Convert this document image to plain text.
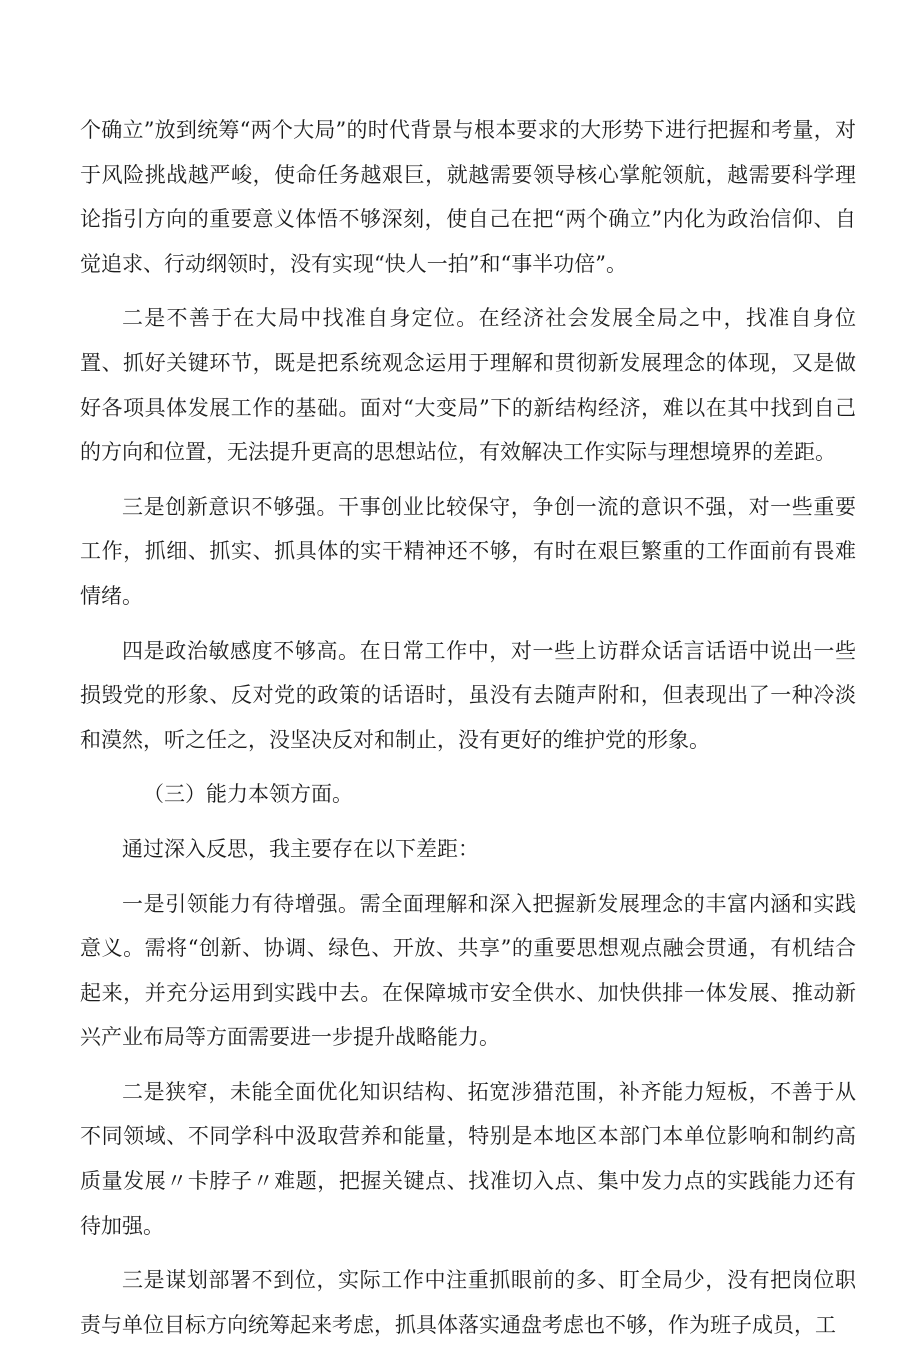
个确立”放到统筹“两个大局”的时代背景与根本要求的大形势下进行把握和考量，对于风险挑战越严峻，使命任务越艰巨，就越需要领导核心掌舵领航，越需要科学理论指引方向的重要意义体悟不够深刻，使自己在把“两个确立”内化为政治信仰、自觉追求、行动纲领时，没有实现“快人一拍”和“事半功倍”。

二是不善于在大局中找准自身定位。在经济社会发展全局之中，找准自身位置、抓好关键环节，既是把系统观念运用于理解和贯彻新发展理念的体现，又是做好各项具体发展工作的基础。面对“大变局”下的新结构经济，难以在其中找到自己的方向和位置，无法提升更高的思想站位，有效解决工作实际与理想境界的差距。

三是创新意识不够强。干事创业比较保守，争创一流的意识不强，对一些重要工作，抓细、抓实、抓具体的实干精神还不够，有时在艰巨繁重的工作面前有畏难情绪。

四是政治敏感度不够高。在日常工作中，对一些上访群众话言话语中说出一些损毁党的形象、反对党的政策的话语时，虽没有去随声附和，但表现出了一种冷淡和漠然，听之任之，没坚决反对和制止，没有更好的维护党的形象。

（三）能力本领方面。

通过深入反思，我主要存在以下差距：

一是引领能力有待增强。需全面理解和深入把握新发展理念的丰富内涵和实践意义。需将“创新、协调、绿色、开放、共享”的重要思想观点融会贯通，有机结合起来，并充分运用到实践中去。在保障城市安全供水、加快供排一体发展、推动新兴产业布局等方面需要进一步提升战略能力。

二是狭窄，未能全面优化知识结构、拓宽涉猎范围，补齐能力短板，不善于从不同领域、不同学科中汲取营养和能量，特别是本地区本部门本单位影响和制约高质量发展〃卡脖子〃难题，把握关键点、找准切入点、集中发力点的实践能力还有待加强。

三是谋划部署不到位，实际工作中注重抓眼前的多、盯全局少，没有把岗位职责与单位目标方向统筹起来考虑，抓具体落实通盘考虑也不够，作为班子成员，工
